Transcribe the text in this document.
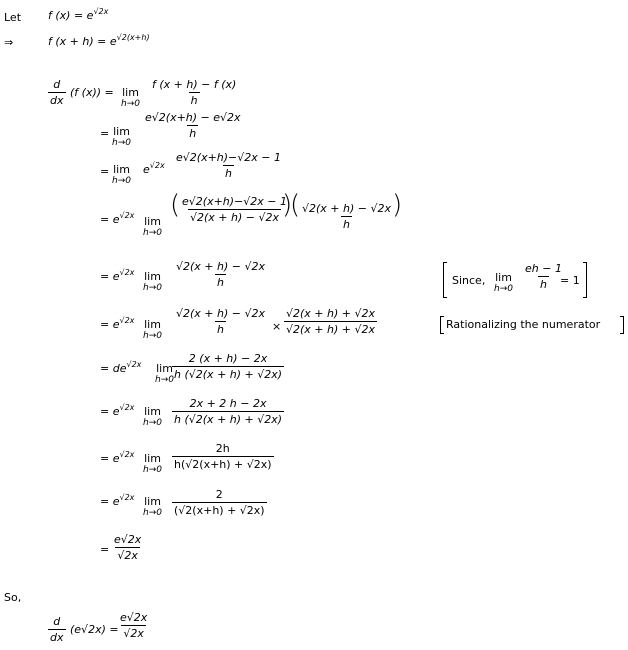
Let f $(x) = e^{√2x}$
⇒	f $(x + h) = e^{√2(x+h)}$
$\frac{d}{dx} (f$ (x)) = lim
$h\to 0 \frac{f (x + h) - f (x)}{h}$
= lim
h→0
$\frac{e√2(x+h) - e√2x}{h}$
= lim
h→0
$e^{√2x} \frac{e√2(x+h)-√2x - 1}{h}$
= $e^{√2x}$ lim
h→0
( $\frac{e√2(x+h)-√2x - 1}{√2(x + h) - √2x}$
)
( $\frac{√2(x + h) - √2x}{h}$
)
= $e^{√2x}$ lim
$h\to 0 \frac{√2(x + h) - √2x}{h}$	Since, lim
$h\to 0 \frac{eh - 1}{h}$
= 1
= $e^{√2x}$ lim
h→0
$\frac{√2(x + h) - √2x}{h} \times \frac{√2(x + h) + √2x}{√2(x + h) + √2x}$	Rationalizing the numerator
= $de^{√2x}$ lim
h→0
$\frac{2 (x + h) - 2x}{h (√2(x + h) + √2x)}$
= $e^{√2x}$ lim
$h\to 0 \frac{2x + 2 h - 2x}{h (√2(x + h) + √2x)}$
= $e^{√2x}$ lim
$h\to 0 \frac{2h}{h(√2(x+h) + √2x)}$
= $e^{√2x}$ lim
$h\to 0 \frac{2}{(√2(x+h) + √2x)}$
= $\frac{e√2x}{√2x}$
So,
$\frac{d}{dx} (e√2x) = \frac{e√2x}{√2x}$
